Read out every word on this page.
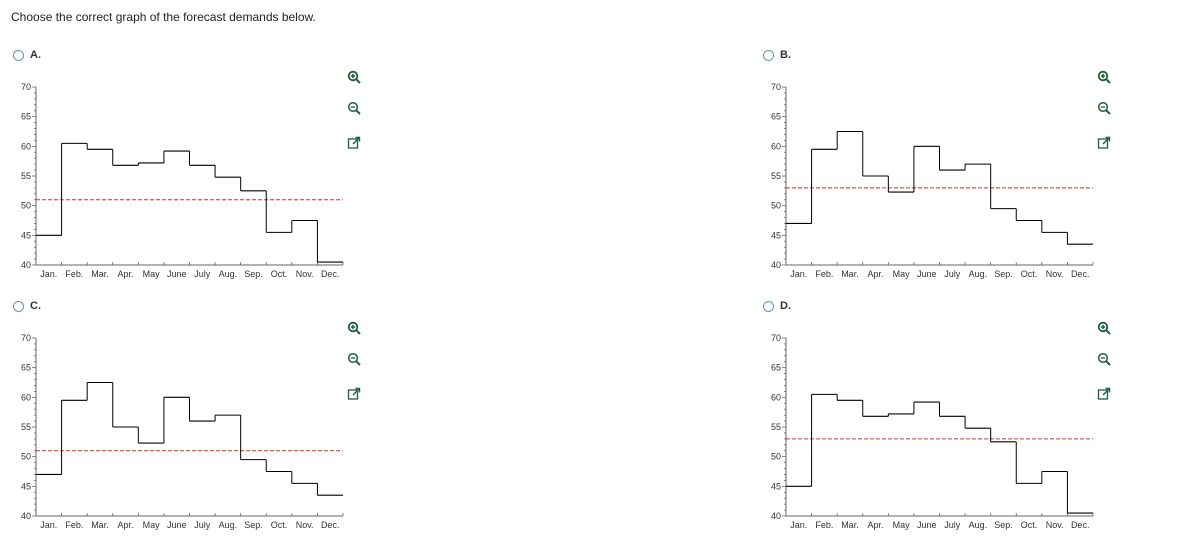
Choose the correct graph of the forecast demands below.
A.
40
45
50
55
60
65
70
Jan. Feb. Mar. Apr. May June July Aug. Sep. Oct. Nov. Dec.
B.
40
45
50
55
60
65
70
Jan. Feb. Mar. Apr. May June July Aug. Sep. Oct. Nov. Dec.
C.
40
45
50
55
60
65
70
Jan. Feb. Mar. Apr. May June July Aug. Sep. Oct. Nov. Dec.
D.
40
45
50
55
60
65
70
Jan. Feb. Mar. Apr. May June July Aug. Sep. Oct. Nov. Dec.
